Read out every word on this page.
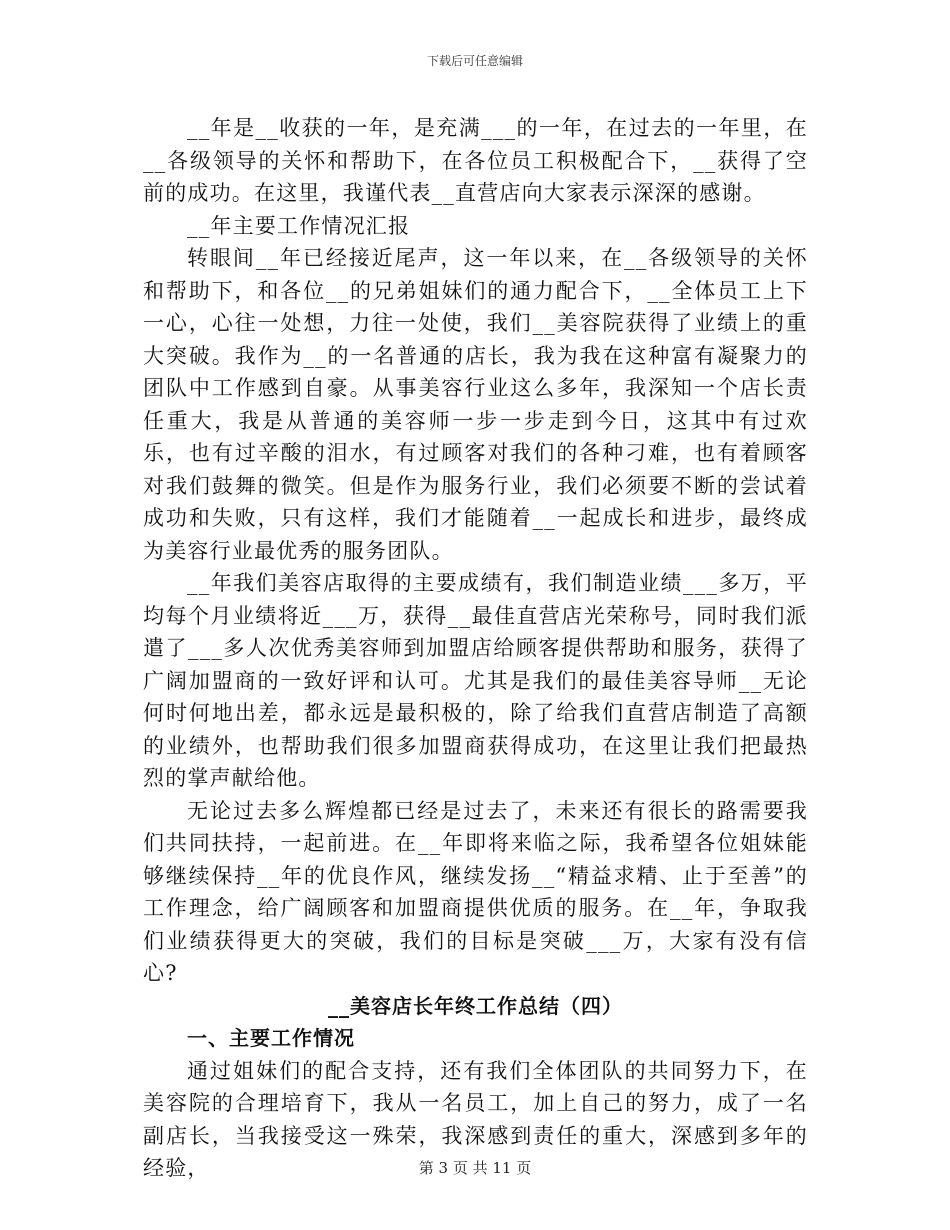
下载后可任意编辑

__年是__收获的一年，是充满___的一年，在过去的一年里，在__各级领导的关怀和帮助下，在各位员工积极配合下，__获得了空前的成功。在这里，我谨代表__直营店向大家表示深深的感谢。

__年主要工作情况汇报

转眼间__年已经接近尾声，这一年以来，在__各级领导的关怀和帮助下，和各位__的兄弟姐妹们的通力配合下，__全体员工上下一心，心往一处想，力往一处使，我们__美容院获得了业绩上的重大突破。我作为__的一名普通的店长，我为我在这种富有凝聚力的团队中工作感到自豪。从事美容行业这么多年，我深知一个店长责任重大，我是从普通的美容师一步一步走到今日，这其中有过欢乐，也有过辛酸的泪水，有过顾客对我们的各种刁难，也有着顾客对我们鼓舞的微笑。但是作为服务行业，我们必须要不断的尝试着成功和失败，只有这样，我们才能随着__一起成长和进步，最终成为美容行业最优秀的服务团队。

__年我们美容店取得的主要成绩有，我们制造业绩___多万，平均每个月业绩将近___万，获得__最佳直营店光荣称号，同时我们派遣了___多人次优秀美容师到加盟店给顾客提供帮助和服务，获得了广阔加盟商的一致好评和认可。尤其是我们的最佳美容导师__无论何时何地出差，都永远是最积极的，除了给我们直营店制造了高额的业绩外，也帮助我们很多加盟商获得成功，在这里让我们把最热烈的掌声献给他。

无论过去多么辉煌都已经是过去了，未来还有很长的路需要我们共同扶持，一起前进。在__年即将来临之际，我希望各位姐妹能够继续保持__年的优良作风，继续发扬__“精益求精、止于至善”的工作理念，给广阔顾客和加盟商提供优质的服务。在__年，争取我们业绩获得更大的突破，我们的目标是突破___万，大家有没有信心?

__美容店长年终工作总结（四）

一、主要工作情况

通过姐妹们的配合支持，还有我们全体团队的共同努力下，在美容院的合理培育下，我从一名员工，加上自己的努力，成了一名副店长，当我接受这一殊荣，我深感到责任的重大，深感到多年的经验，	第 3 页 共 11 页
